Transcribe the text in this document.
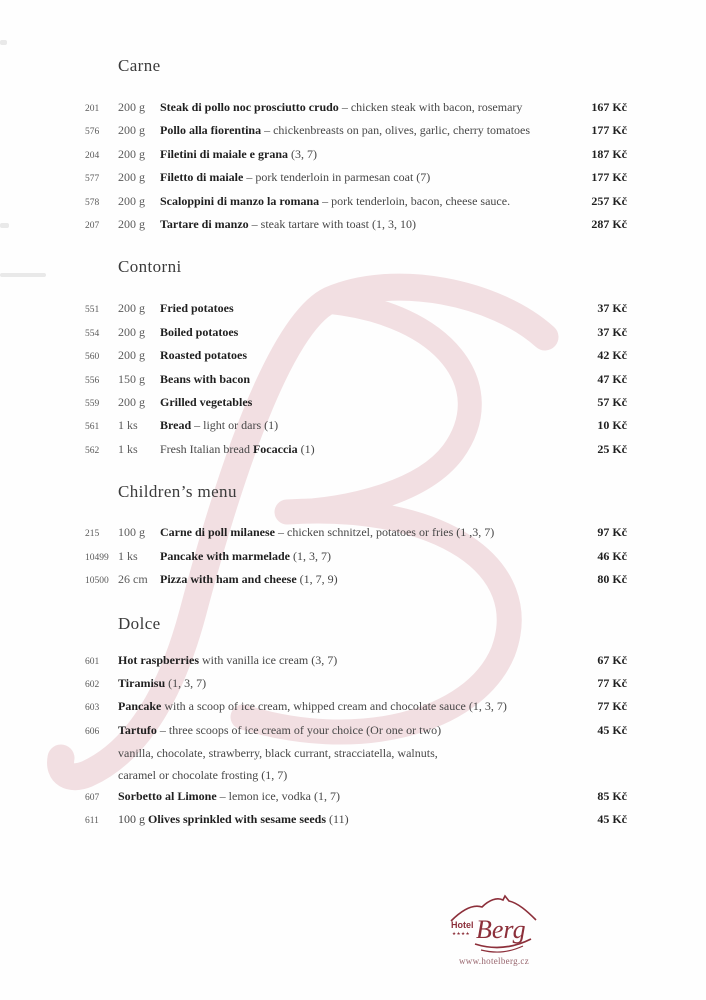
Carne
201	200 g	Steak di pollo noc prosciutto crudo – chicken steak with bacon, rosemary	167 Kč
576	200 g	Pollo alla fiorentina – chickenbreasts on pan, olives, garlic, cherry tomatoes	177 Kč
204	200 g	Filetini di maiale e grana (3, 7)	187 Kč
577	200 g	Filetto di maiale – pork tenderloin in parmesan coat (7)	177 Kč
578	200 g	Scaloppini di manzo la romana – pork tenderloin, bacon, cheese sauce.	257 Kč
207	200 g	Tartare di manzo – steak tartare with toast (1, 3, 10)	287 Kč
Contorni
551	200 g	Fried potatoes	37 Kč
554	200 g	Boiled potatoes	37 Kč
560	200 g	Roasted potatoes	42 Kč
556	150 g	Beans with bacon	47 Kč
559	200 g	Grilled vegetables	57 Kč
561	1 ks	Bread – light or dars (1)	10 Kč
562	1 ks	Fresh Italian bread Focaccia (1)	25 Kč
Children’s menu
215	100 g	Carne di poll milanese – chicken schnitzel, potatoes or fries (1 ,3, 7)	97 Kč
10499 1 ks	Pancake with marmelade (1, 3, 7)	46 Kč
10500 26 cm	Pizza with ham and cheese (1, 7, 9)	80 Kč
Dolce
601	Hot raspberries with vanilla ice cream (3, 7)	67 Kč
602	Tiramisu (1, 3, 7)	77 Kč
603	Pancake with a scoop of ice cream, whipped cream and chocolate sauce (1, 3, 7)	77 Kč
606	Tartufo – three scoops of ice cream of your choice (Or one or two)	45 Kč
vanilla, chocolate, strawberry, black currant, stracciatella, walnuts,
caramel or chocolate frosting (1, 7)
607	Sorbetto al Limone – lemon ice, vodka (1, 7)	85 Kč
611	100 g Olives sprinkled with sesame seeds (11)	45 Kč
Hotel
★★★★ Berg
www.hotelberg.cz
